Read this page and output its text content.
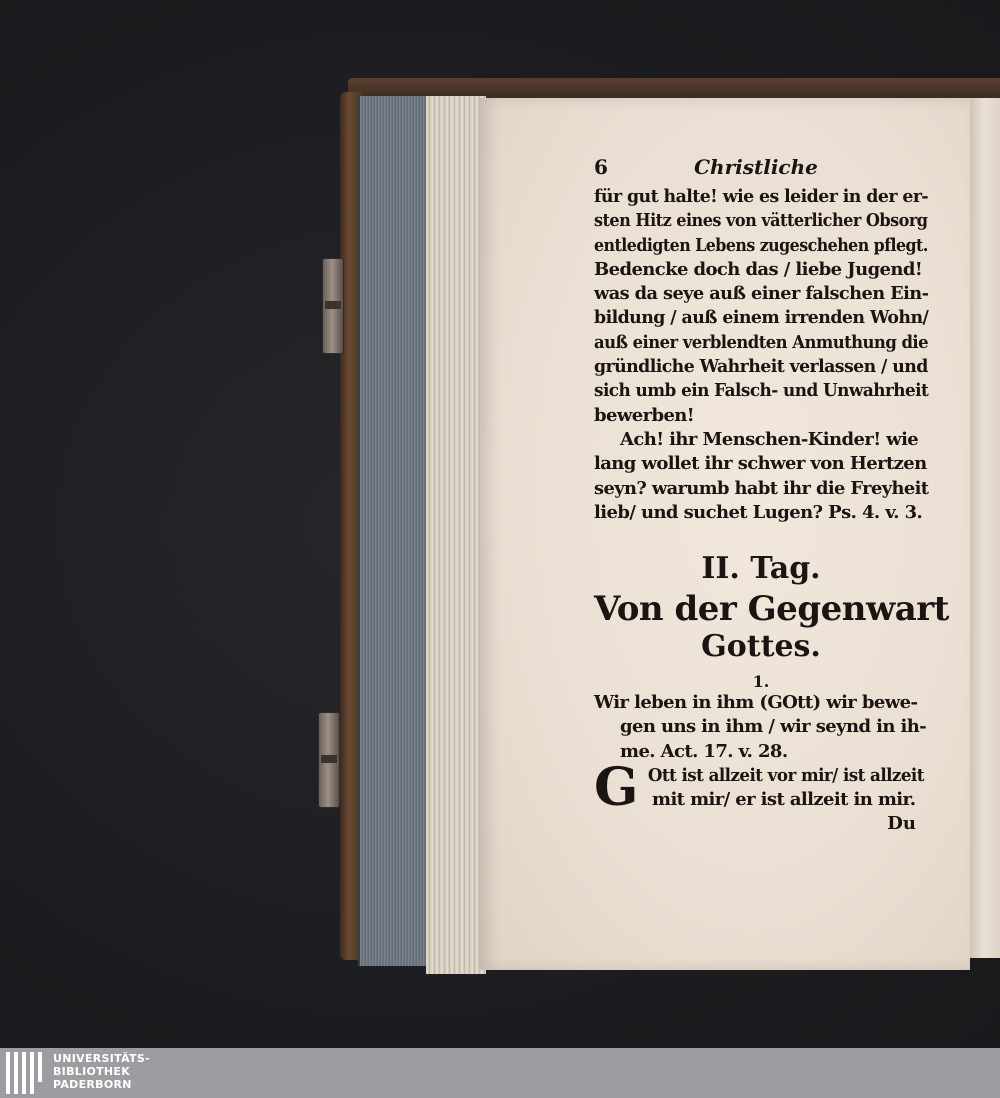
6	Christliche
für gut halte! wie es leider in der er-
sten Hitz eines von vätterlicher Obsorg
entledigten Lebens zugeschehen pflegt.
Bedencke doch das / liebe Jugend!
was da seye auß einer falschen Ein-
bildung / auß einem irrenden Wohn/
auß einer verblendten Anmuthung die
gründliche Wahrheit verlassen / und
sich umb ein Falsch- und Unwahrheit
bewerben!
Ach! ihr Menschen-Kinder! wie
lang wollet ihr schwer von Hertzen
seyn? warumb habt ihr die Freyheit
lieb/ und suchet Lugen? Ps. 4. v. 3.
II. Tag.
Von der Gegenwart
Gottes.
1.
Wir leben in ihm (GOtt) wir bewe-
gen uns in ihm / wir seynd in ih-
me. Act. 17. v. 28.
G Ott ist allzeit vor mir/ ist allzeit
mit mir/ er ist allzeit in mir.
Du
UNIVERSITÄTS-
BIBLIOTHEK
PADERBORN
